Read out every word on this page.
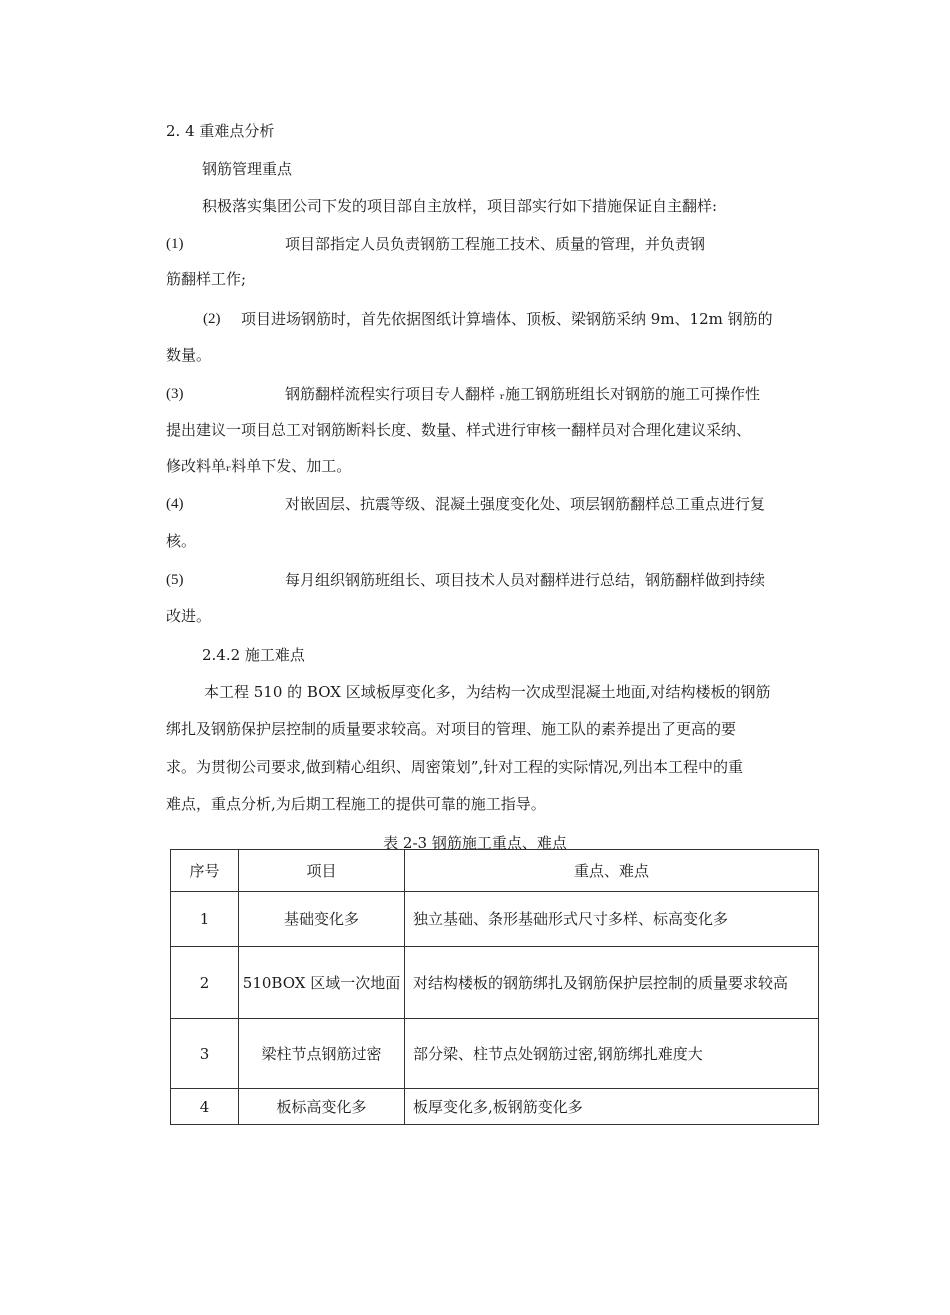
2. 4 重难点分析
钢筋管理重点
积极落实集团公司下发的项目部自主放样，项目部实行如下措施保证自主翻样:
(1)	项目部指定人员负责钢筋工程施工技术、质量的管理，并负责钢
筋翻样工作;
(2) 项目进场钢筋时，首先依据图纸计算墙体、顶板、梁钢筋采纳 9m、12m 钢筋的
数量。
(3)	钢筋翻样流程实行项目专人翻样 ᵣ施工钢筋班组长对钢筋的施工可操作性
提出建议一项目总工对钢筋断料长度、数量、样式进行审核一翻样员对合理化建议采纳、
修改料单ᵣ料单下发、加工。
(4)	对嵌固层、抗震等级、混凝土强度变化处、项层钢筋翻样总工重点进行复
核。
(5)	每月组织钢筋班组长、项目技术人员对翻样进行总结，钢筋翻样做到持续
改进。
2.4.2 施工难点
本工程 510 的 BOX 区域板厚变化多，为结构一次成型混凝土地面,对结构楼板的钢筋
绑扎及钢筋保护层控制的质量要求较高。对项目的管理、施工队的素养提出了更高的要
求。为贯彻公司要求,做到精心组织、周密策划”,针对工程的实际情况,列出本工程中的重
难点，重点分析,为后期工程施工的提供可靠的施工指导。
表 2-3 钢筋施工重点、难点
序号	项目	重点、难点
1	基础变化多	独立基础、条形基础形式尺寸多样、标高变化多
2	510BOX 区域一次地面	对结构楼板的钢筋绑扎及钢筋保护层控制的质量要求较高
3	梁柱节点钢筋过密	部分梁、柱节点处钢筋过密,钢筋绑扎难度大
4	板标高变化多	板厚变化多,板钢筋变化多
